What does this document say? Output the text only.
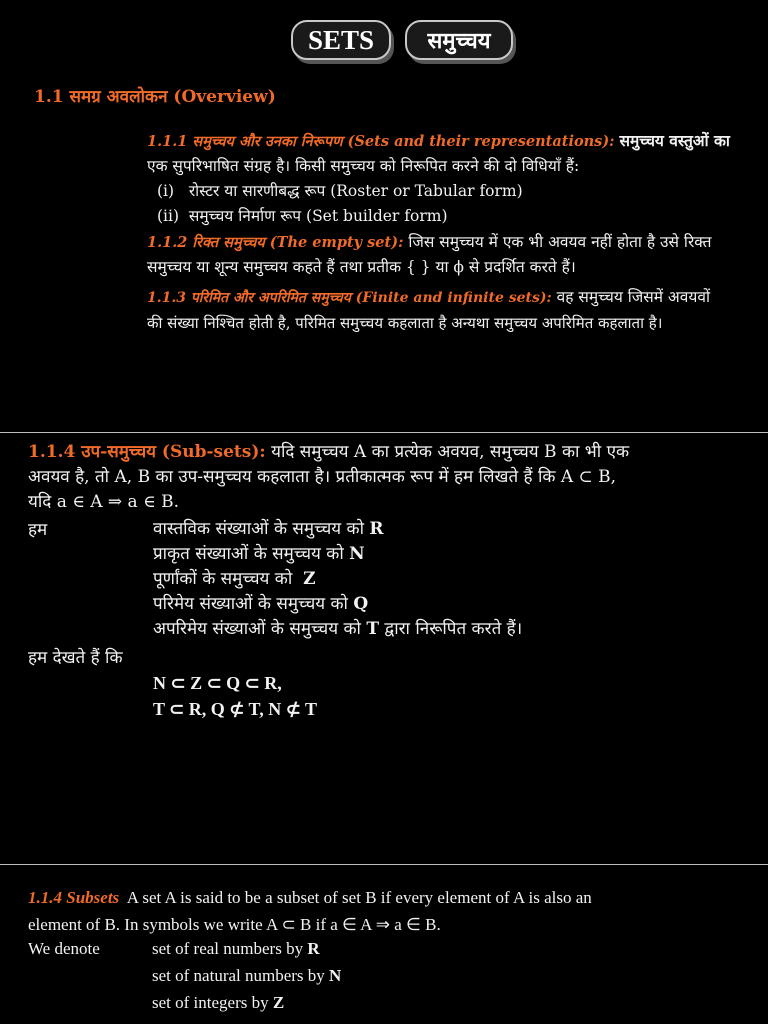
SETS समुच्चय
1.1 समग्र अवलोकन (Overview)
1.1.1 समुच्चय और उनका निरूपण (Sets and their representations): समुच्चय वस्तुओं का
एक सुपरिभाषित संग्रह है। किसी समुच्चय को निरूपित करने की दो विधियाँ हैं:
(i)   रोस्टर या सारणीबद्ध रूप (Roster or Tabular form)
(ii)  समुच्चय निर्माण रूप (Set builder form)
1.1.2 रिक्त समुच्चय (The empty set): जिस समुच्चय में एक भी अवयव नहीं होता है उसे रिक्त
समुच्चय या शून्य समुच्चय कहते हैं तथा प्रतीक { } या ϕ से प्रदर्शित करते हैं।
1.1.3 परिमित और अपरिमित समुच्चय (Finite and infinite sets): वह समुच्चय जिसमें अवयवों
की संख्या निश्चित होती है, परिमित समुच्चय कहलाता है अन्यथा समुच्चय अपरिमित कहलाता है।
1.1.4 उप-समुच्चय (Sub-sets): यदि समुच्चय A का प्रत्येक अवयव, समुच्चय B का भी एक
अवयव है, तो A, B का उप-समुच्चय कहलाता है। प्रतीकात्मक रूप में हम लिखते हैं कि A ⊂ B,
यदि a ∈ A ⇒ a ∈ B.
हम	वास्तविक संख्याओं के समुच्चय को R
प्राकृत संख्याओं के समुच्चय को N
पूर्णांकों के समुच्चय को Z
परिमेय संख्याओं के समुच्चय को Q
अपरिमेय संख्याओं के समुच्चय को T द्वारा निरूपित करते हैं।
हम देखते हैं कि
N ⊂ Z ⊂ Q ⊂ R,
T ⊂ R, Q ⊄ T, N ⊄ T
1.1.4 Subsets A set A is said to be a subset of set B if every element of A is also an
element of B. In symbols we write A ⊂ B if a ∈ A ⇒ a ∈ B.
We denote	set of real numbers by R
set of natural numbers by N
set of integers by Z
